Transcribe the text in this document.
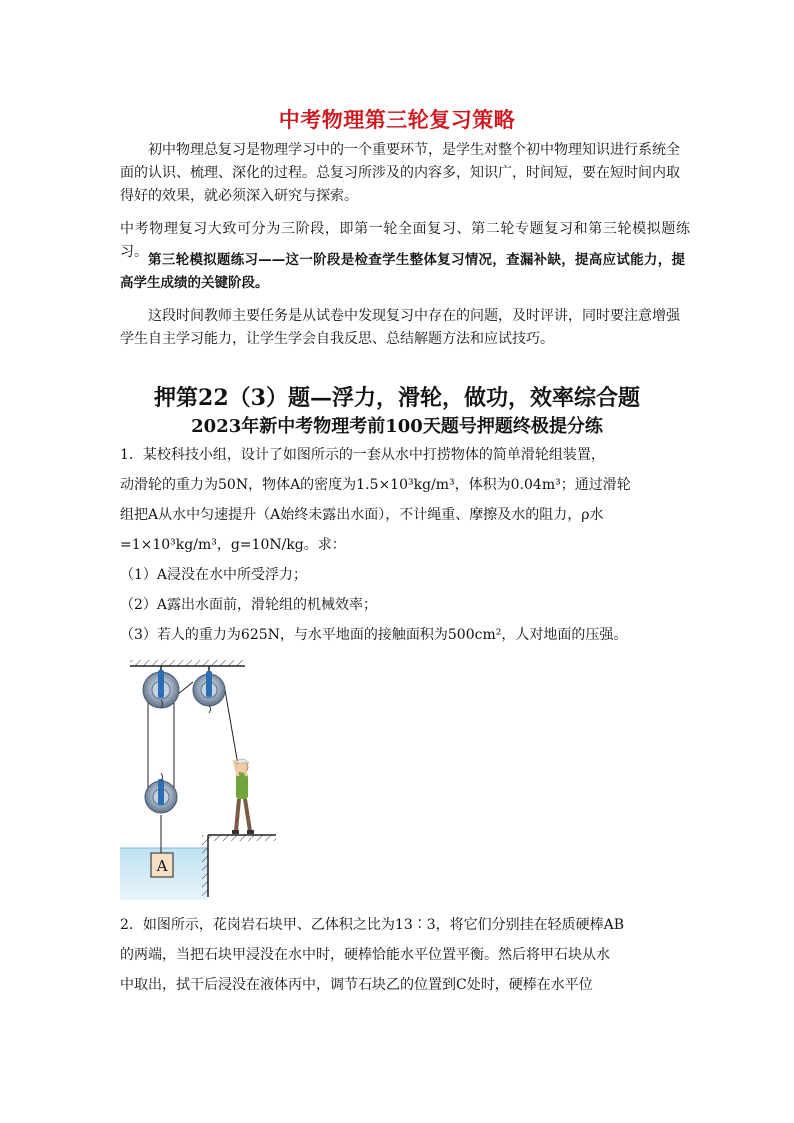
中考物理第三轮复习策略

初中物理总复习是物理学习中的一个重要环节，是学生对整个初中物理知识进行系统全面的认识、梳理、深化的过程。总复习所涉及的内容多，知识广，时间短，要在短时间内取得好的效果，就必须深入研究与探索。

中考物理复习大致可分为三阶段，即第一轮全面复习、第二轮专题复习和第三轮模拟题练习。 第三轮模拟题练习——这一阶段是检查学生整体复习情况，查漏补缺，提高应试能力，提高学生成绩的关键阶段。

这段时间教师主要任务是从试卷中发现复习中存在的问题，及时评讲，同时要注意增强学生自主学习能力，让学生学会自我反思、总结解题方法和应试技巧。

押第22（3）题—浮力，滑轮，做功，效率综合题
2023年新中考物理考前100天题号押题终极提分练
1．某校科技小组，设计了如图所示的一套从水中打捞物体的简单滑轮组装置，
动滑轮的重力为50N，物体A的密度为1.5×10³kg/m³，体积为0.04m³；通过滑轮
组把A从水中匀速提升（A始终未露出水面），不计绳重、摩擦及水的阻力，ρ水
=1×10³kg/m³，g=10N/kg。求：
（1）A浸没在水中所受浮力；
（2）A露出水面前，滑轮组的机械效率；
（3）若人的重力为625N，与水平地面的接触面积为500cm²，人对地面的压强。
A
2．如图所示，花岗岩石块甲、乙体积之比为13∶3，将它们分别挂在轻质硬棒AB
的两端，当把石块甲浸没在水中时，硬棒恰能水平位置平衡。然后将甲石块从水
中取出，拭干后浸没在液体丙中，调节石块乙的位置到C处时，硬棒在水平位
